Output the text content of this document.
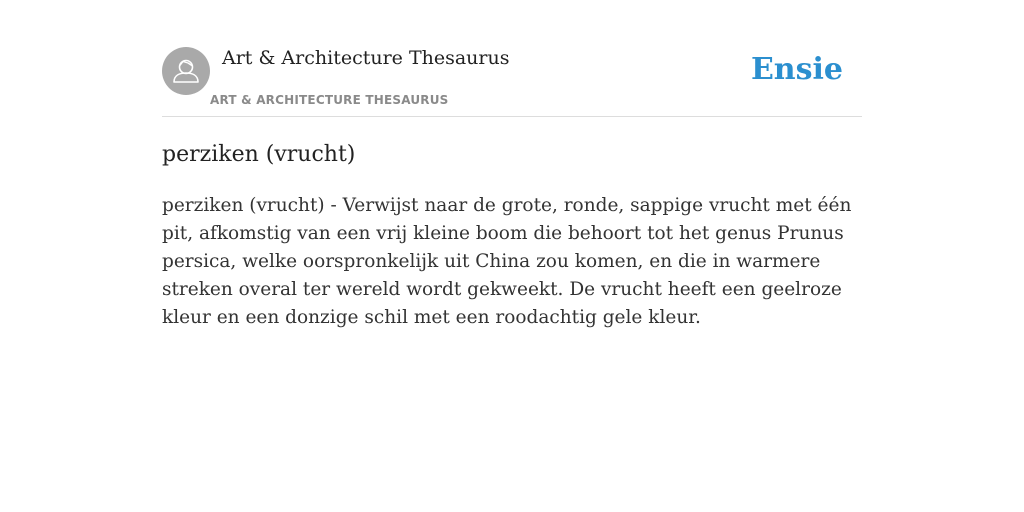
Art & Architecture Thesaurus
ART & ARCHITECTURE THESAURUS
Ensie
perziken (vrucht)

perziken (vrucht) - Verwijst naar de grote, ronde, sappige vrucht met één pit, afkomstig van een vrij kleine boom die behoort tot het genus Prunus persica, welke oorspronkelijk uit China zou komen, en die in warmere streken overal ter wereld wordt gekweekt. De vrucht heeft een geelroze kleur en een donzige schil met een roodachtig gele kleur.
